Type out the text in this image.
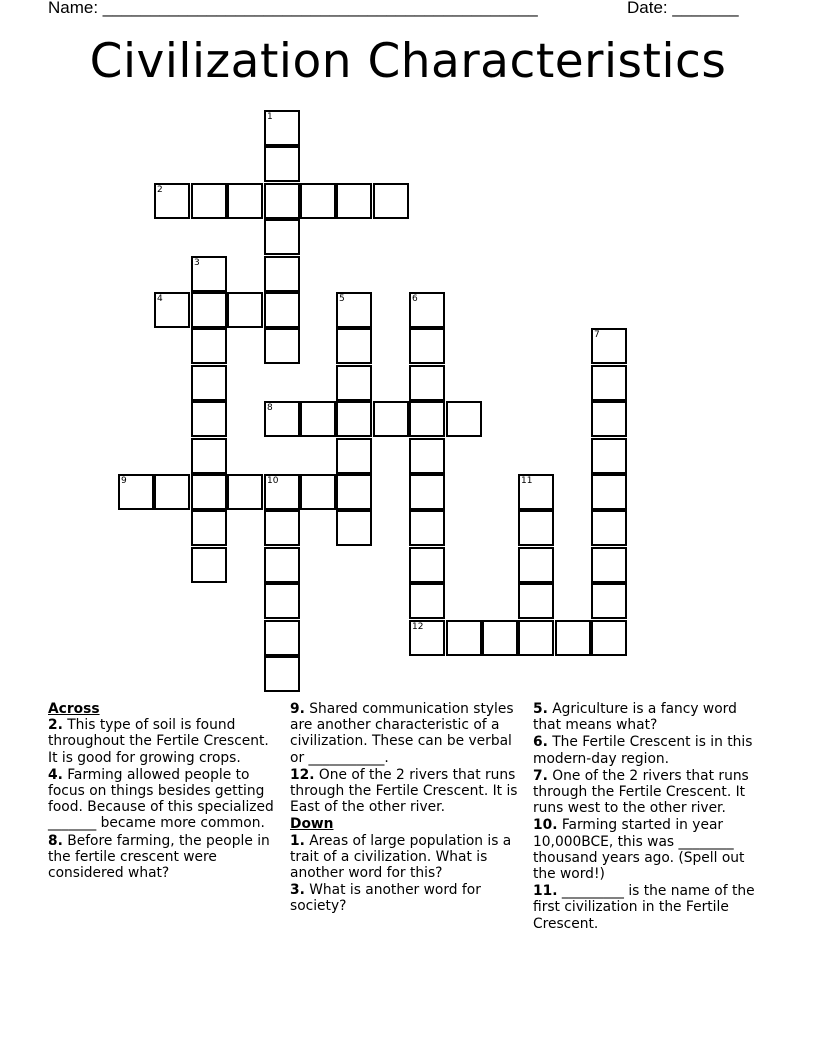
Name: ______________________________________________	Date: _______
Civilization Characteristics
1
2
3
4	5	6
12
7
8
9	10	11

Across

2. This type of soil is found throughout the Fertile Crescent. It is good for growing crops.

4. Farming allowed people to focus on things besides getting food. Because of this specialized _______ became more common.

8. Before farming, the people in the fertile crescent were considered what?

9. Shared communication styles are another characteristic of a civilization. These can be verbal or ___________.

12. One of the 2 rivers that runs through the Fertile Crescent. It is East of the other river.

Down

1. Areas of large population is a trait of a civilization. What is another word for this?

3. What is another word for society?

5. Agriculture is a fancy word that means what?

6. The Fertile Crescent is in this modern-day region.

7. One of the 2 rivers that runs through the Fertile Crescent. It runs west to the other river.

10. Farming started in year 10,000BCE, this was ________ thousand years ago. (Spell out the word!)

11. _________ is the name of the first civilization in the Fertile Crescent.
